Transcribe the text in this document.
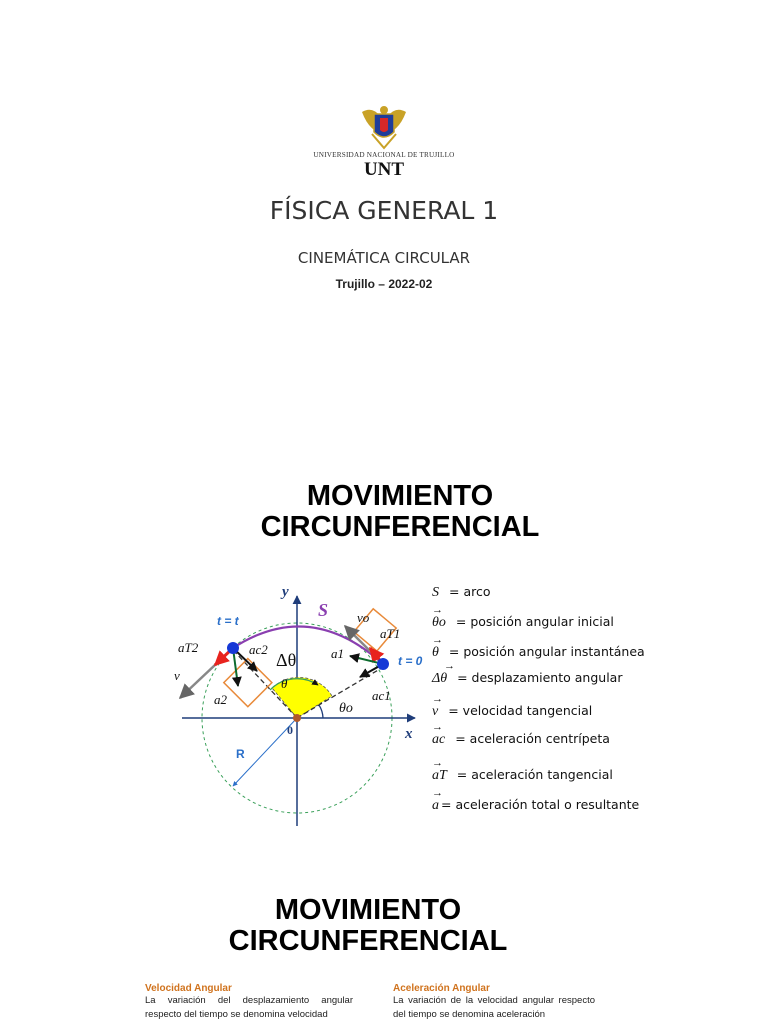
UNIVERSIDAD NACIONAL DE TRUJILLO
UNT
FÍSICA GENERAL 1
CINEMÁTICA CIRCULAR
Trujillo – 2022-02
MOVIMIENTO
CIRCUNFERENCIAL
y
x
0
S
t = t
t = 0
R
Δθ
θ
θo
vo
v
aT1
aT2
ac1
ac2	a1
a2
S = arco
→
θo = posición angular inicial
→
θ = posición angular instantánea
→
Δθ = desplazamiento angular
→
v = velocidad tangencial
→
ac = aceleración centrípeta
→
aT = aceleración tangencial
→
a = aceleración total o resultante
MOVIMIENTO
CIRCUNFERENCIAL
Velocidad Angular
La variación del desplazamiento angular respecto del tiempo se denomina velocidad
Aceleración Angular
La variación de la velocidad angular respecto del tiempo se denomina aceleración
